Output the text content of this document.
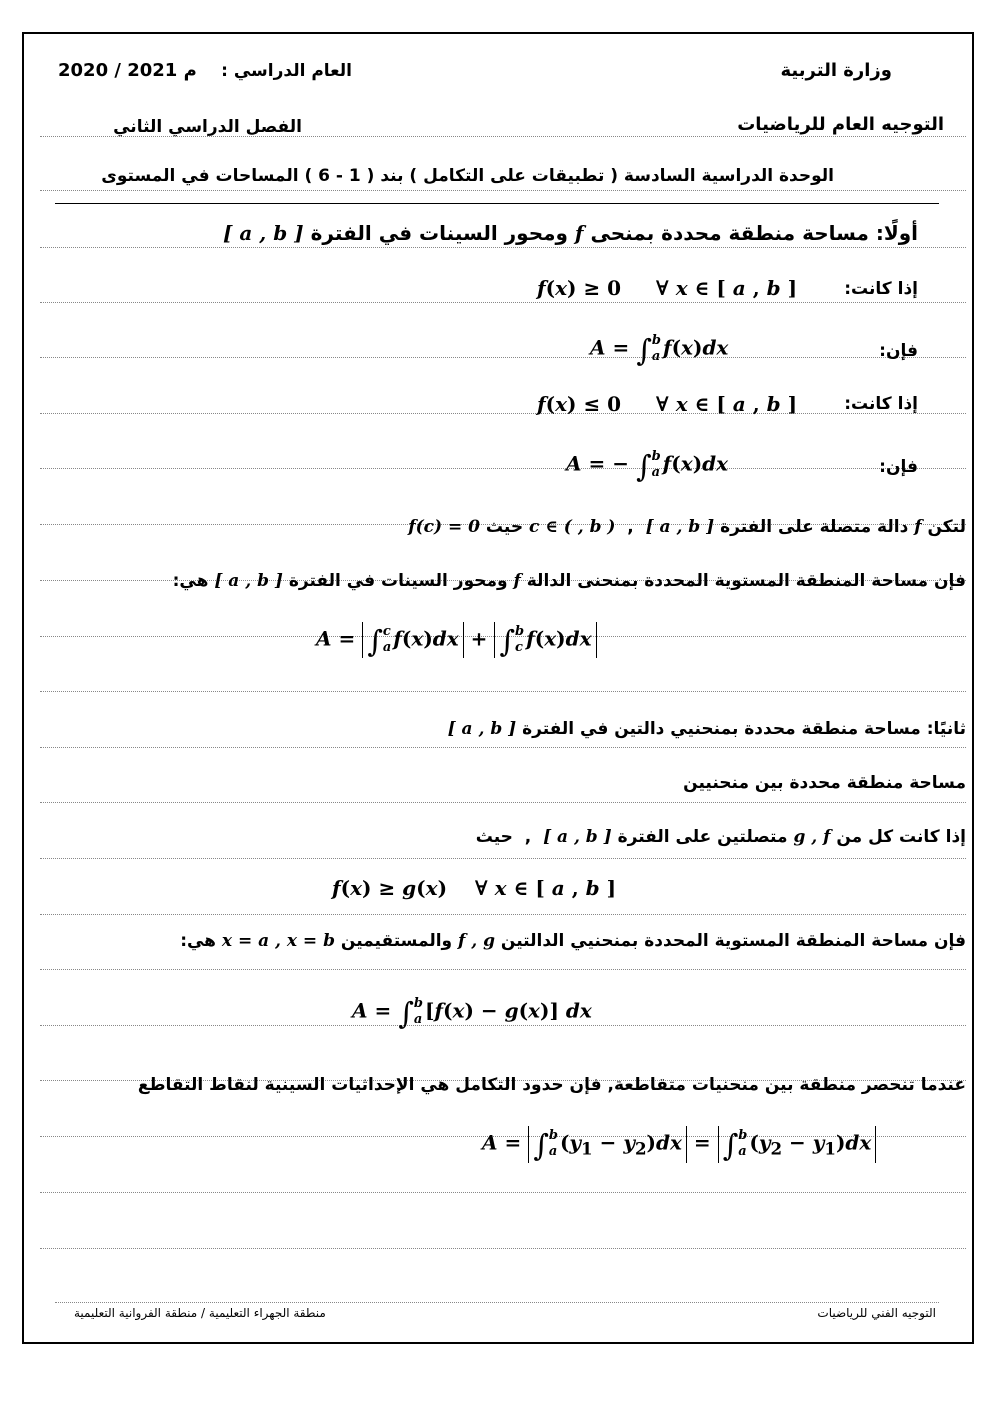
وزارة التربية
العام الدراسي :
2020 / 2021 م
التوجيه العام للرياضيات
الفصل الدراسي الثاني
الوحدة الدراسية السادسة ( تطبيقات على التكامل ) بند ( 1 - 6 ) المساحات في المستوى
أولًا: مساحة منطقة محددة بمنحى f ومحور السينات في الفترة [ a , b ]
إذا كانت:
f(x) ≥ 0     ∀ x ∈ [ a , b ]
فإن:
A = ∫ b
a f(x)dx
إذا كانت:
f(x) ≤ 0     ∀ x ∈ [ a , b ]
فإن:
A = − ∫ b
a f(x)dx
لتكن f دالة متصلة على الفترة [ a , b ]  ,  c ∈ ( , b ) حيث f(c) = 0
فإن مساحة المنطقة المستوية المحددة بمنحنى الدالة f ومحور السينات في الفترة [ a , b ] هي:
A = ∫ c
a f(x)dx + ∫ b
c f(x)dx
ثانيًا: مساحة منطقة محددة بمنحنيي دالتين في الفترة [ a , b ]
مساحة منطقة محددة بين منحنيين
إذا كانت كل من g , f متصلتين على الفترة [ a , b ]  ,  حيث
f(x) ≥ g(x)    ∀ x ∈ [ a , b ]
فإن مساحة المنطقة المستوية المحددة بمنحنيي الدالتين f , g والمستقيمين x = a , x = b هي:
A = ∫ b
a [f(x) − g(x)] dx
عندما تنحصر منطقة بين منحنيات متقاطعة, فإن حدود التكامل هي الإحداثيات السينية لنقاط التقاطع
A = ∫ b
a $(y_1 - y_2)dx$ = ∫ b
a $(y_2 - y_1)dx$
التوجيه الفني للرياضيات
منطقة الجهراء التعليمية / منطقة الفروانية التعليمية
